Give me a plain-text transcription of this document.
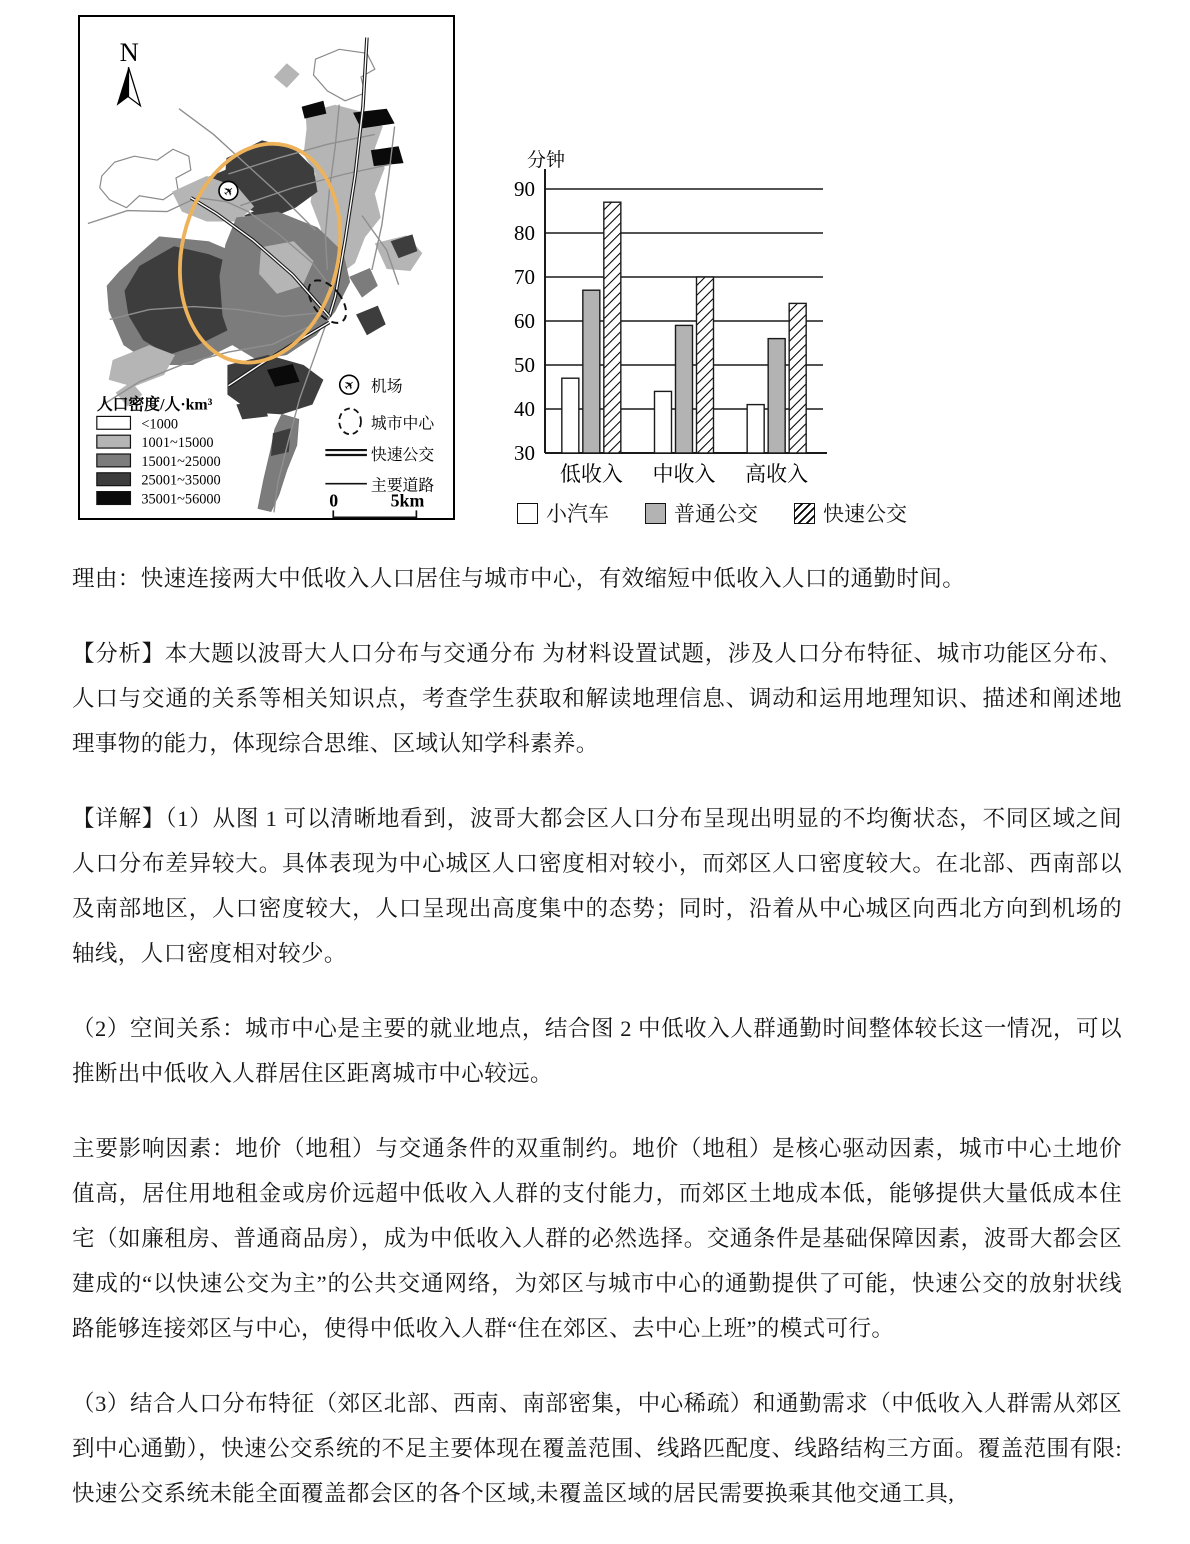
N
✈
人口密度/人·km³
<1000
1001~15000
15001~25000
25001~35000
35001~56000
✈ 机场
城市中心
快速公交
主要道路
0	5km
分钟
30
40
50
60
70
80
90
低收入 中收入 高收入
小汽车	普通公交	快速公交

理由：快速连接两大中低收入人口居住与城市中心，有效缩短中低收入人口的通勤时间。

【分析】本大题以波哥大人口分布与交通分布 为材料设置试题，涉及人口分布特征、城市功能区分布、人口与交通的关系等相关知识点，考查学生获取和解读地理信息、调动和运用地理知识、描述和阐述地理事物的能力，体现综合思维、区域认知学科素养。

【详解】（1）从图 1 可以清晰地看到，波哥大都会区人口分布呈现出明显的不均衡状态，不同区域之间人口分布差异较大。具体表现为中心城区人口密度相对较小，而郊区人口密度较大。在北部、西南部以及南部地区，人口密度较大，人口呈现出高度集中的态势；同时，沿着从中心城区向西北方向到机场的轴线，人口密度相对较少。

（2）空间关系：城市中心是主要的就业地点，结合图 2 中低收入人群通勤时间整体较长这一情况，可以推断出中低收入人群居住区距离城市中心较远。

主要影响因素：地价（地租）与交通条件的双重制约。地价（地租）是核心驱动因素，城市中心土地价值高，居住用地租金或房价远超中低收入人群的支付能力，而郊区土地成本低，能够提供大量低成本住宅（如廉租房、普通商品房），成为中低收入人群的必然选择。交通条件是基础保障因素，波哥大都会区建成的“以快速公交为主”的公共交通网络，为郊区与城市中心的通勤提供了可能，快速公交的放射状线路能够连接郊区与中心，使得中低收入人群“住在郊区、去中心上班”的模式可行。

（3）结合人口分布特征（郊区北部、西南、南部密集，中心稀疏）和通勤需求（中低收入人群需从郊区到中心通勤），快速公交系统的不足主要体现在覆盖范围、线路匹配度、线路结构三方面。覆盖范围有限:快速公交系统未能全面覆盖都会区的各个区域,未覆盖区域的居民需要换乘其他交通工具,
